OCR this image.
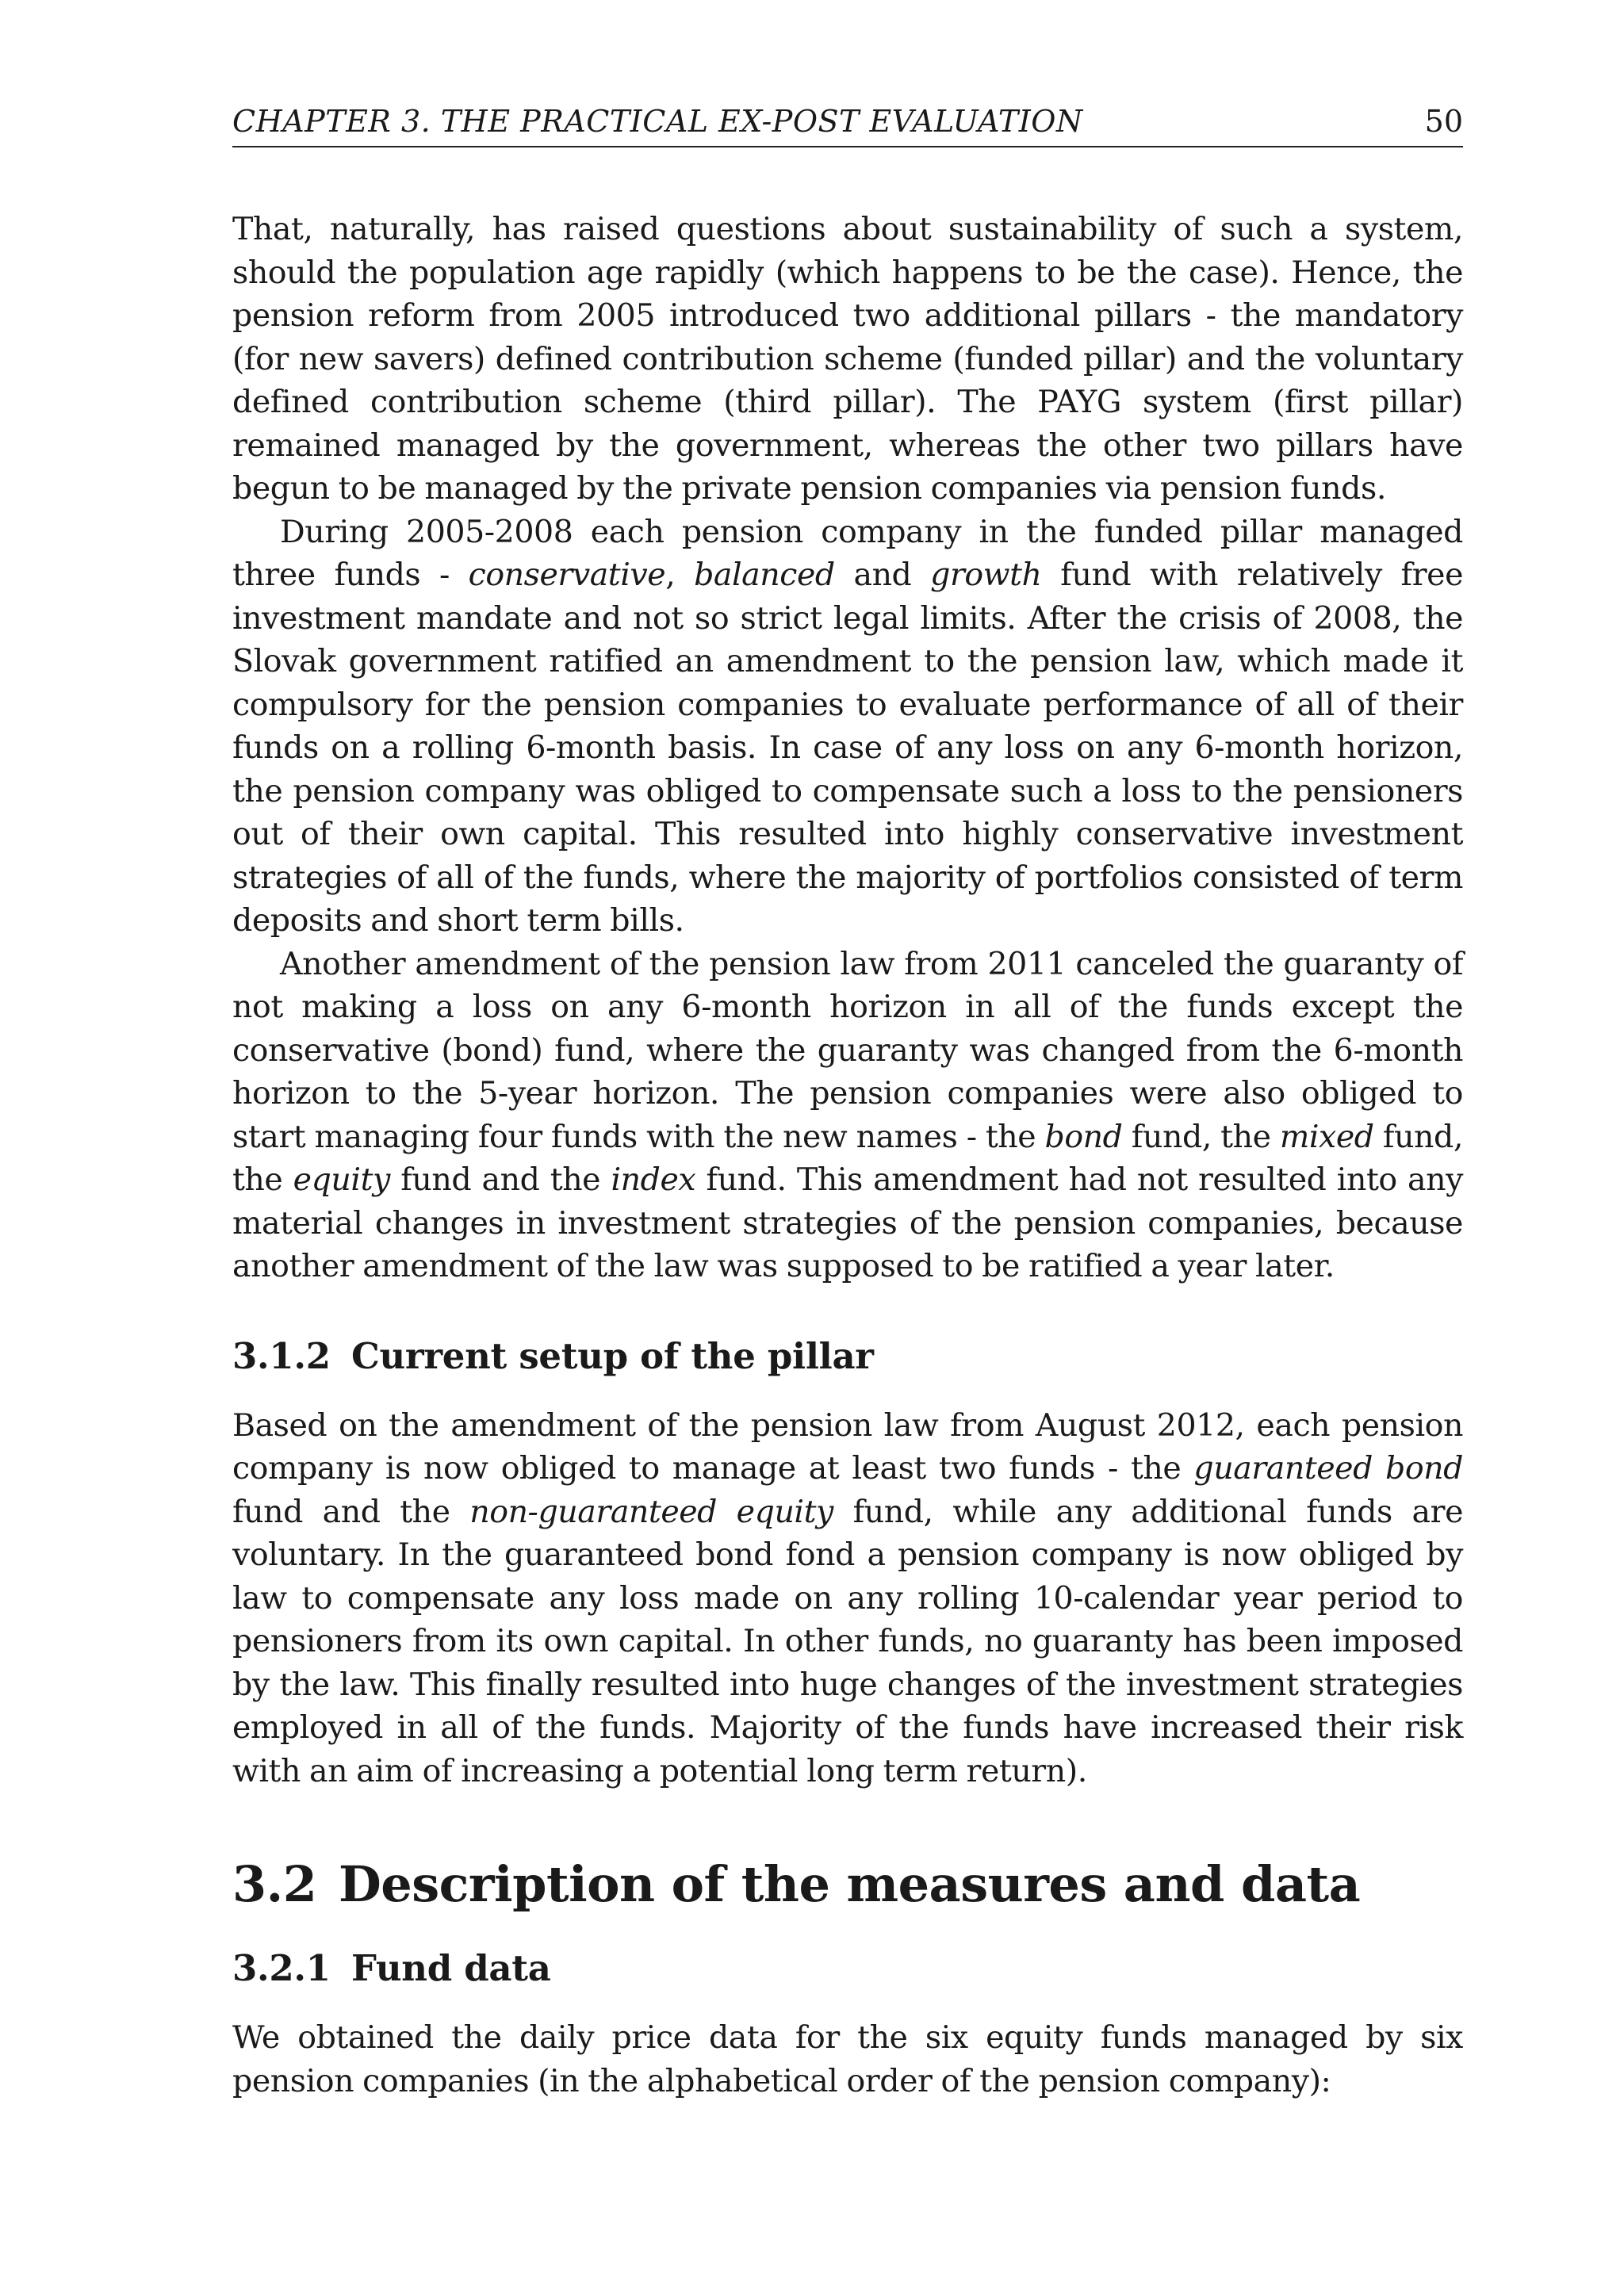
CHAPTER 3. THE PRACTICAL EX-POST EVALUATION	50

That, naturally, has raised questions about sustainability of such a system, should the population age rapidly (which happens to be the case). Hence, the pension reform from 2005 introduced two additional pillars - the mandatory (for new savers) defined contribution scheme (funded pillar) and the voluntary defined contribution scheme (third pillar). The PAYG system (first pillar) remained managed by the government, whereas the other two pillars have begun to be managed by the private pension companies via pension funds.

During 2005-2008 each pension company in the funded pillar managed three funds - conservative, balanced and growth fund with relatively free investment mandate and not so strict legal limits. After the crisis of 2008, the Slovak government ratified an amendment to the pension law, which made it compulsory for the pension companies to evaluate performance of all of their funds on a rolling 6-month basis. In case of any loss on any 6-month horizon, the pension company was obliged to compensate such a loss to the pensioners out of their own capital. This resulted into highly conservative investment strategies of all of the funds, where the majority of portfolios consisted of term deposits and short term bills.

Another amendment of the pension law from 2011 canceled the guaranty of not making a loss on any 6-month horizon in all of the funds except the conservative (bond) fund, where the guaranty was changed from the 6-month horizon to the 5-year horizon. The pension companies were also obliged to start managing four funds with the new names - the bond fund, the mixed fund, the equity fund and the index fund. This amendment had not resulted into any material changes in investment strategies of the pension companies, because another amendment of the law was supposed to be ratified a year later.

3.1.2 Current setup of the pillar

Based on the amendment of the pension law from August 2012, each pension company is now obliged to manage at least two funds - the guaranteed bond fund and the non-guaranteed equity fund, while any additional funds are voluntary. In the guaranteed bond fond a pension company is now obliged by law to compensate any loss made on any rolling 10-calendar year period to pensioners from its own capital. In other funds, no guaranty has been imposed by the law. This finally resulted into huge changes of the investment strategies employed in all of the funds. Majority of the funds have increased their risk with an aim of increasing a potential long term return).

3.2 Description of the measures and data
3.2.1 Fund data

We obtained the daily price data for the six equity funds managed by six pension companies (in the alphabetical order of the pension company):
